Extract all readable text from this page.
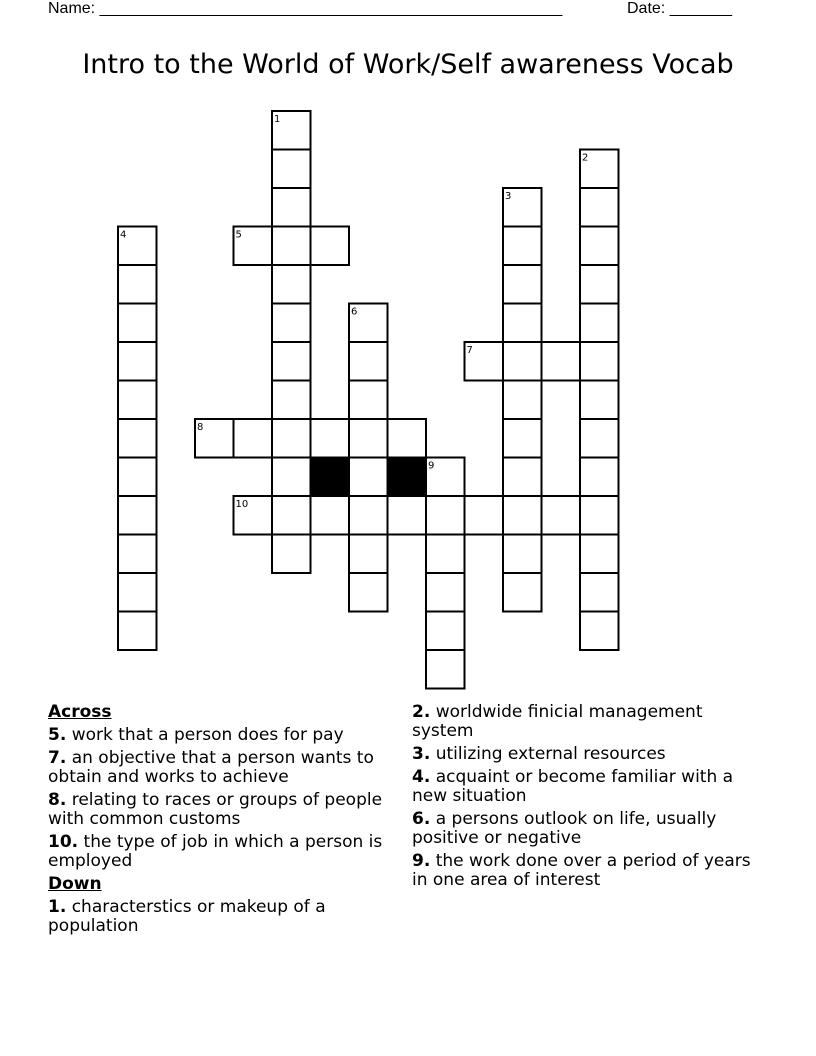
Name: ____________________________________________________	Date: _______
Intro to the World of Work/Self awareness Vocab
1
2
3
4	5
6
7
8
9
10
Across
5. work that a person does for pay
7. an objective that a person wants to obtain and works to achieve
8. relating to races or groups of people with common customs
10. the type of job in which a person is employed
Down
1. characterstics or makeup of a population
2. worldwide finicial management system
3. utilizing external resources
4. acquaint or become familiar with a new situation
6. a persons outlook on life, usually positive or negative
9. the work done over a period of years in one area of interest
